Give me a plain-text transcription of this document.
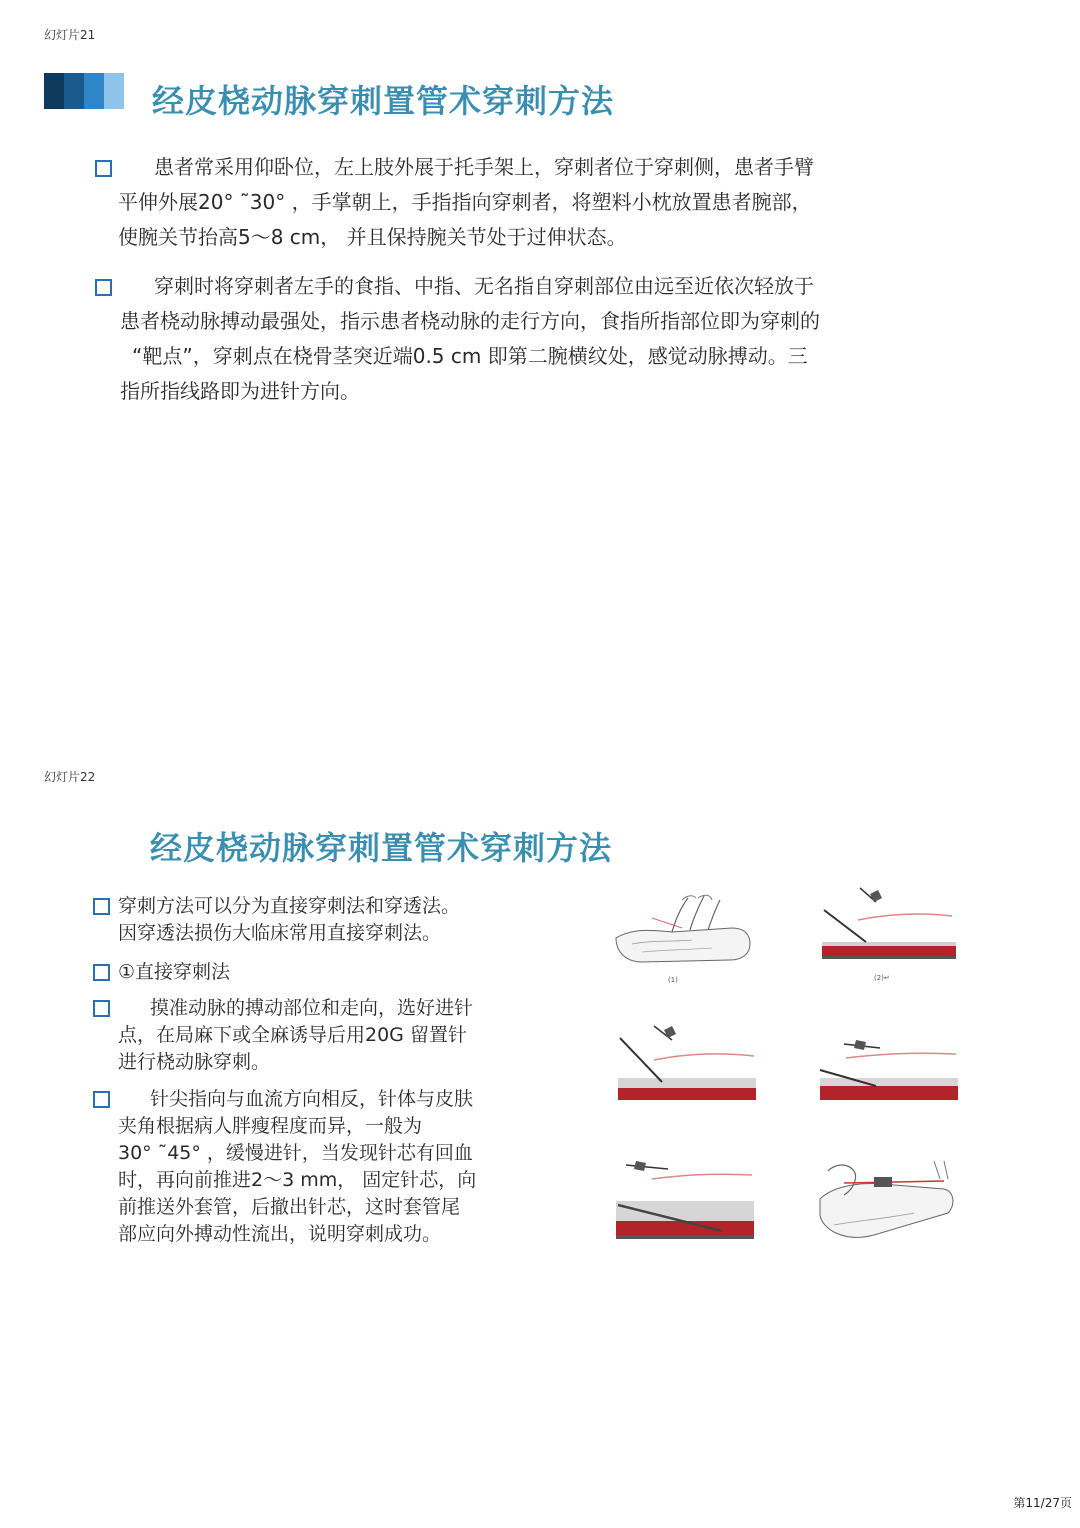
幻灯片21
经皮桡动脉穿刺置管术穿刺方法
患者常采用仰卧位，左上肢外展于托手架上，穿刺者位于穿刺侧，患者手臂
平伸外展20° ˜30° ，手掌朝上，手指指向穿刺者，将塑料小枕放置患者腕部，
使腕关节抬高5～8 cm， 并且保持腕关节处于过伸状态。
穿刺时将穿刺者左手的食指、中指、无名指自穿刺部位由远至近依次轻放于
患者桡动脉搏动最强处，指示患者桡动脉的走行方向，食指所指部位即为穿刺的
“靶点”，穿刺点在桡骨茎突近端0.5 cm 即第二腕横纹处，感觉动脉搏动。三
指所指线路即为进针方向。
幻灯片22
经皮桡动脉穿刺置管术穿刺方法
穿刺方法可以分为直接穿刺法和穿透法。
因穿透法损伤大临床常用直接穿刺法。
①直接穿刺法
摸准动脉的搏动部位和走向，选好进针
点，在局麻下或全麻诱导后用20G 留置针
进行桡动脉穿刺。
针尖指向与血流方向相反，针体与皮肤
夹角根据病人胖瘦程度而异，一般为
30° ˜45° ，缓慢进针，当发现针芯有回血
时，再向前推进2～3 mm， 固定针芯，向
前推送外套管，后撤出针芯，这时套管尾
部应向外搏动性流出，说明穿刺成功。
(1)	(2)↵
第11/27页
